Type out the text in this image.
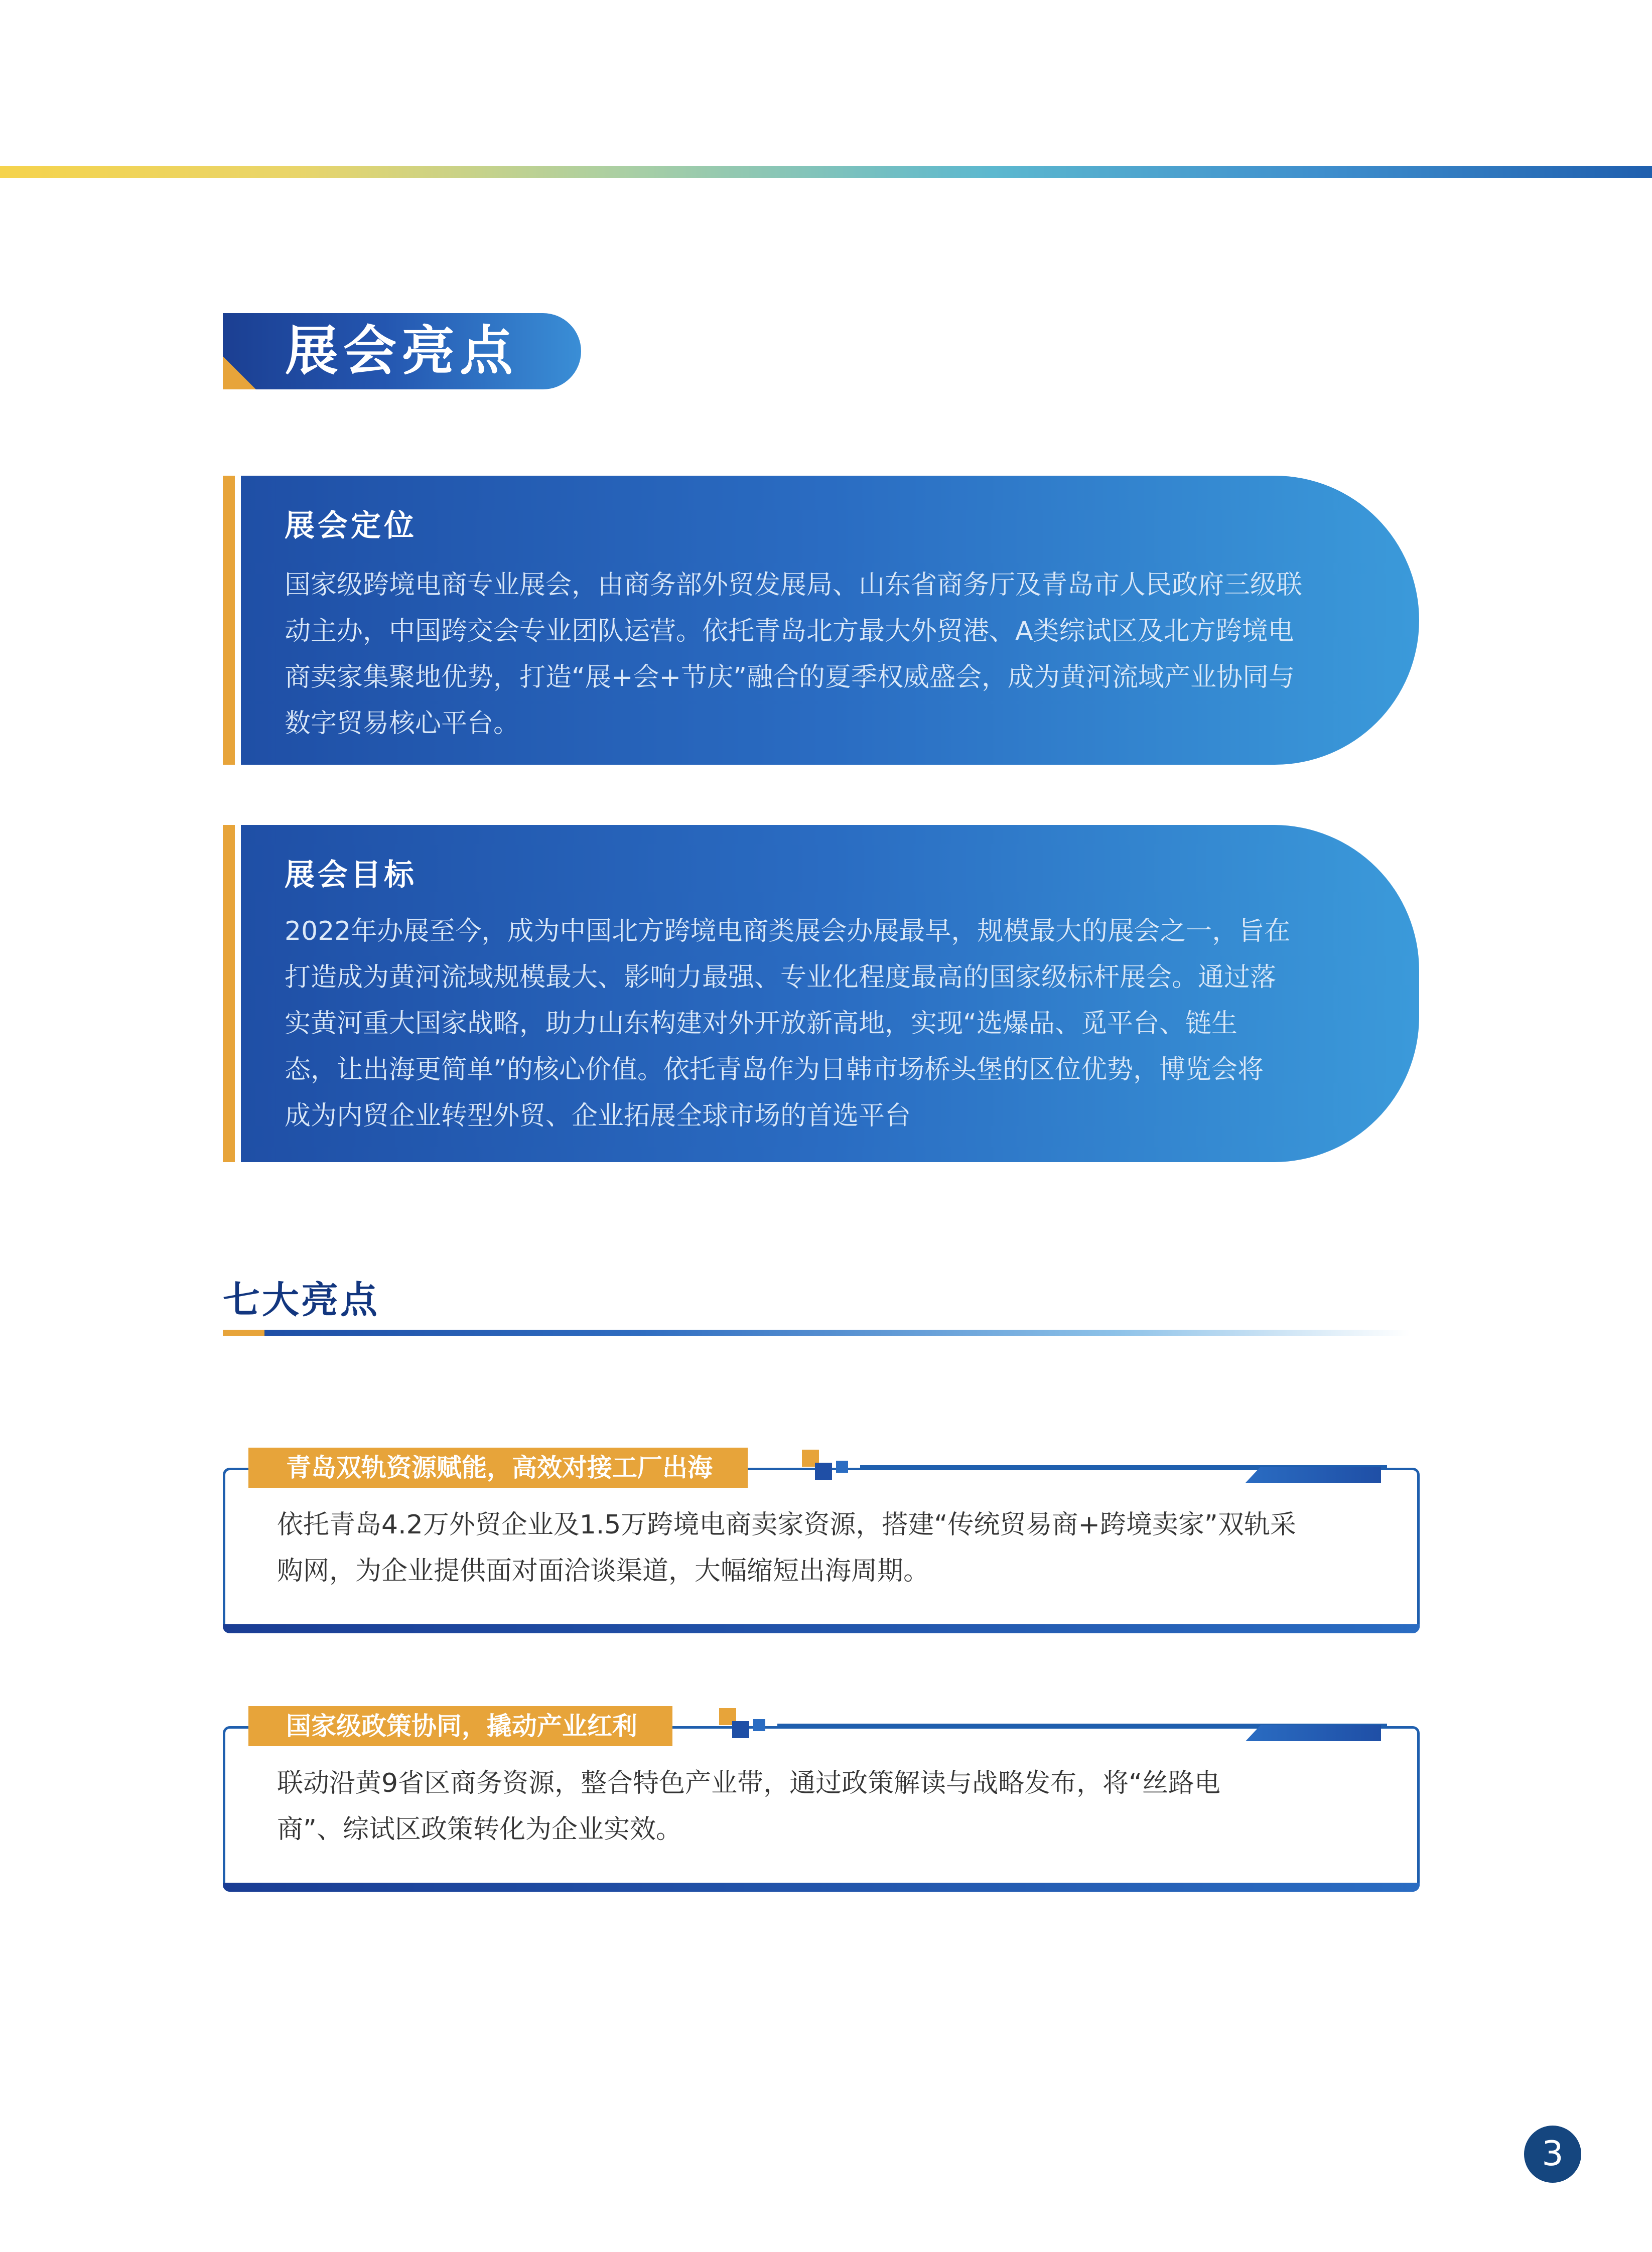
展会亮点
展会定位

国家级跨境电商专业展会，由商务部外贸发展局、山东省商务厅及青岛市人民政府三级联

动主办，中国跨交会专业团队运营。依托青岛北方最大外贸港、A类综试区及北方跨境电

商卖家集聚地优势，打造“展+会+节庆”融合的夏季权威盛会，成为黄河流域产业协同与

数字贸易核心平台。

展会目标

2022年办展至今，成为中国北方跨境电商类展会办展最早，规模最大的展会之一，旨在

打造成为黄河流域规模最大、影响力最强、专业化程度最高的国家级标杆展会。通过落

实黄河重大国家战略，助力山东构建对外开放新高地，实现“选爆品、觅平台、链生

态，让出海更简单”的核心价值。依托青岛作为日韩市场桥头堡的区位优势，博览会将

成为内贸企业转型外贸、企业拓展全球市场的首选平台

七大亮点
青岛双轨资源赋能，高效对接工厂出海

依托青岛4.2万外贸企业及1.5万跨境电商卖家资源，搭建“传统贸易商+跨境卖家”双轨采

购网，为企业提供面对面洽谈渠道，大幅缩短出海周期。

国家级政策协同，撬动产业红利

联动沿黄9省区商务资源，整合特色产业带，通过政策解读与战略发布，将“丝路电

商”、综试区政策转化为企业实效。

3
